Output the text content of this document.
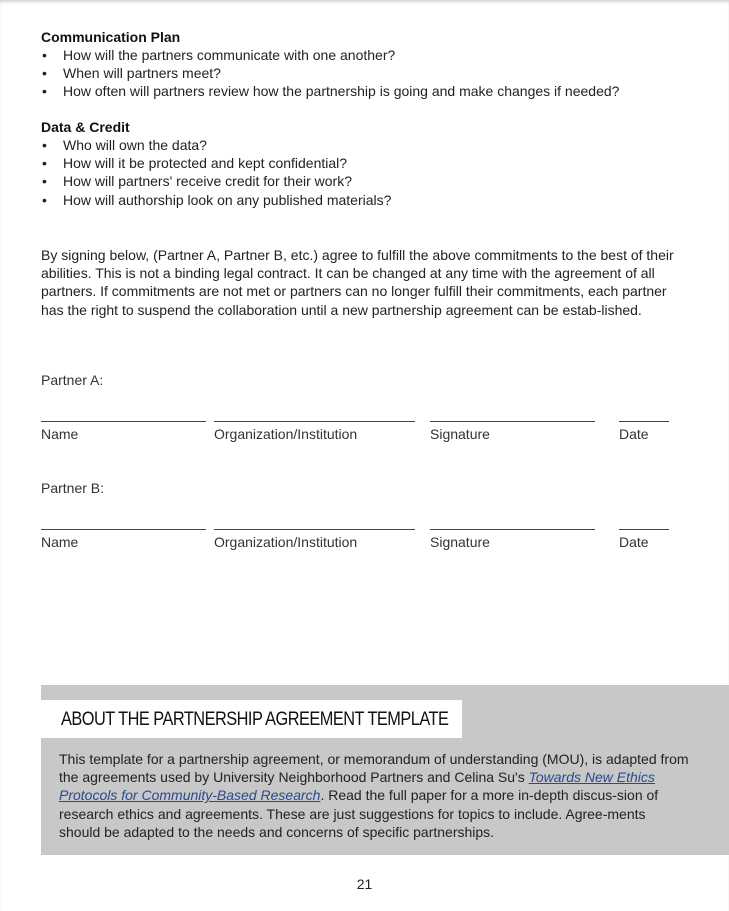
Communication Plan
• How will the partners communicate with one another?
• When will partners meet?
• How often will partners review how the partnership is going and make changes if needed?
Data & Credit
• Who will own the data?
• How will it be protected and kept confidential?
• How will partners' receive credit for their work?
• How will authorship look on any published materials?

By signing below, (Partner A, Partner B, etc.) agree to fulfill the above commitments to the best of their abilities. This is not a binding legal contract. It can be changed at any time with the agreement of all partners. If commitments are not met or partners can no longer fulfill their commitments, each partner has the right to suspend the collaboration until a new partnership agreement can be estab-lished.

Partner A:
Name	Organization/Institution	Signature	Date
Partner B:
Name	Organization/Institution	Signature	Date
ABOUT THE PARTNERSHIP AGREEMENT TEMPLATE

This template for a partnership agreement, or memorandum of understanding (MOU), is adapted from the agreements used by University Neighborhood Partners and Celina Su's Towards New Ethics Protocols for Community-Based Research. Read the full paper for a more in-depth discus-sion of research ethics and agreements. These are just suggestions for topics to include. Agree-ments should be adapted to the needs and concerns of specific partnerships.

21
